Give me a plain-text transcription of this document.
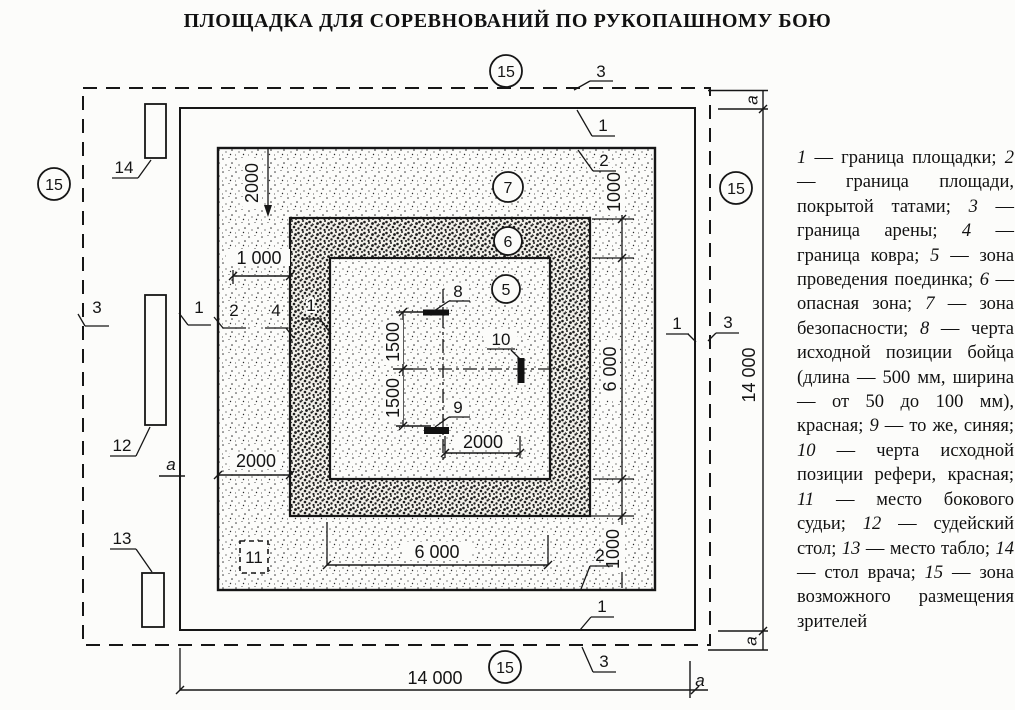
ПЛОЩАДКА ДЛЯ СОРЕВНОВАНИЙ ПО РУКОПАШНОМУ БОЮ
1500
1500
8
9
10
2000
6 000
1000
6 000
1000
2000
1 000
2000
а
а
14 000
14 000	а
а
14
12
13
11
3
1
2
3	1 2 4 1
1 3
2
1
3
7
6
5
15
15
15
15
1 — граница площадки; 2 — граница площади, покрытой татами; 3 — граница арены; 4 — граница ковра; 5 — зона проведения поединка; 6 — опасная зона; 7 — зона безопасности; 8 — черта исходной позиции бойца (длина — 500 мм, ширина — от 50 до 100 мм), красная; 9 — то же, синяя; 10 — черта исходной позиции рефери, красная; 11 — место бокового судьи; 12 — судейский стол; 13 — место табло; 14 — стол врача; 15 — зона возможного размещения зрителей
